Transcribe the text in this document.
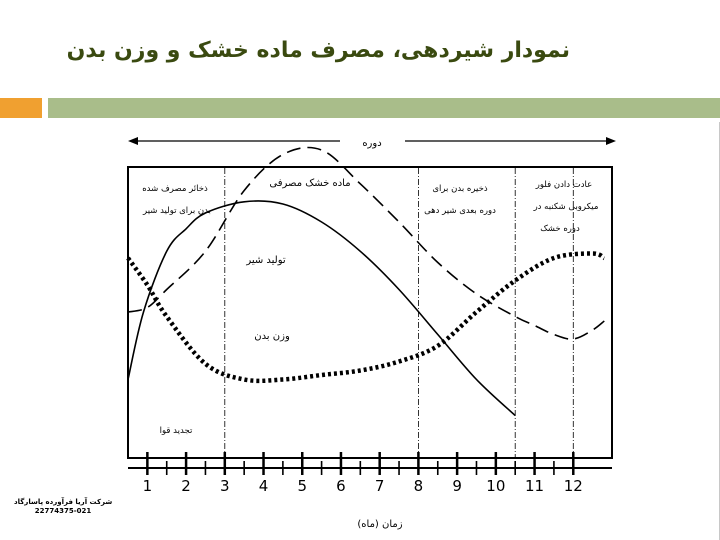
نمودار شیردهی، مصرف ماده خشک و وزن بدن
دوره
ذخائر مصرف شده
بدن برای تولید شیر
تجدید قوا
ذخیره بدن برای
دوره بعدی شیر دهی
عادت دادن فلور
میکروبی شکنبه در
دوره خشک
ماده خشک مصرفی
تولید شیر
وزن بدن
1 2 3 4 5 6 7 8 9 10 11 12
زمان (ماه)
شرکت آریا فرآورده پاسارگاد
22774375-021
